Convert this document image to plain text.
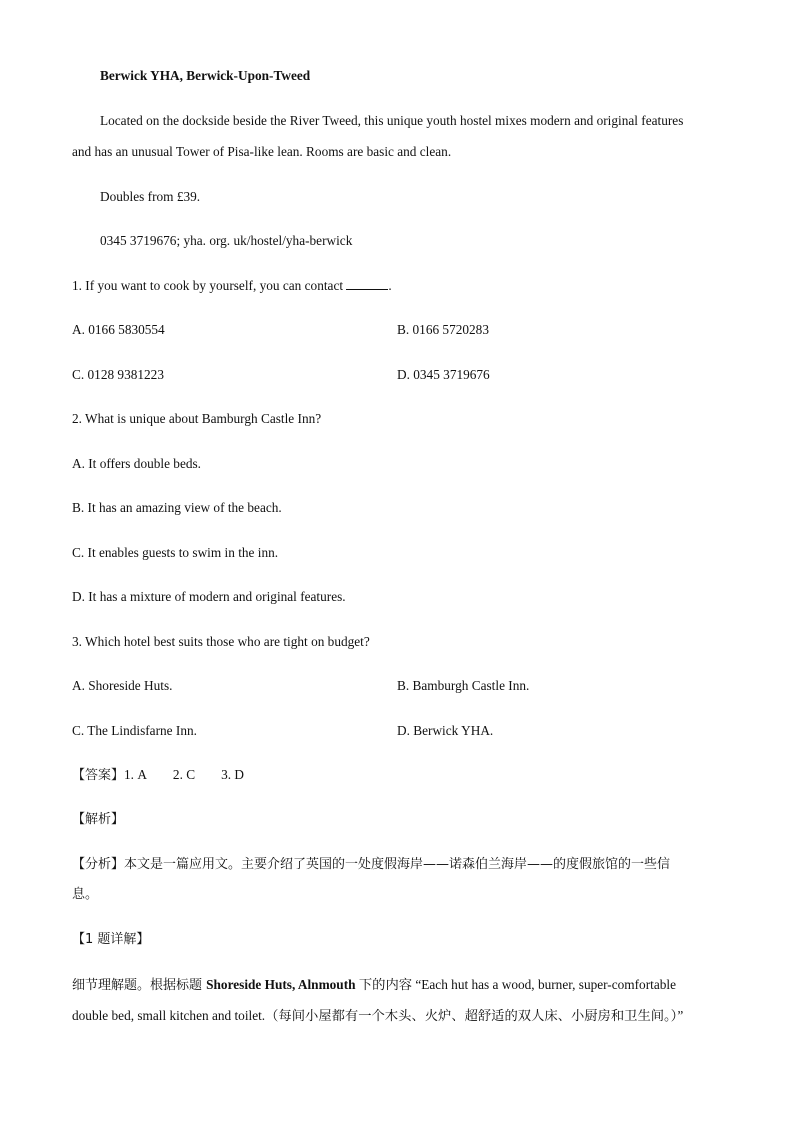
Berwick YHA, Berwick-Upon-Tweed
Located on the dockside beside the River Tweed, this unique youth hostel mixes modern and original features
and has an unusual Tower of Pisa-like lean. Rooms are basic and clean.
Doubles from £39.
0345 3719676; yha. org. uk/hostel/yha-berwick
1. If you want to cook by yourself, you can contact	.
A. 0166 5830554	B. 0166 5720283
C. 0128 9381223	D. 0345 3719676
2. What is unique about Bamburgh Castle Inn?
A. It offers double beds.
B. It has an amazing view of the beach.
C. It enables guests to swim in the inn.
D. It has a mixture of modern and original features.
3. Which hotel best suits those who are tight on budget?
A. Shoreside Huts.	B. Bamburgh Castle Inn.
C. The Lindisfarne Inn.	D. Berwick YHA.
【答案】1. A 2. C 3. D
【解析】
【分析】本文是一篇应用文。主要介绍了英国的一处度假海岸——诺森伯兰海岸——的度假旅馆的一些信
息。
【1 题详解】
细节理解题。根据标题 Shoreside Huts, Alnmouth 下的内容 “Each hut has a wood, burner, super-comfortable
double bed, small kitchen and toilet.（每间小屋都有一个木头、火炉、超舒适的双人床、小厨房和卫生间。）”
